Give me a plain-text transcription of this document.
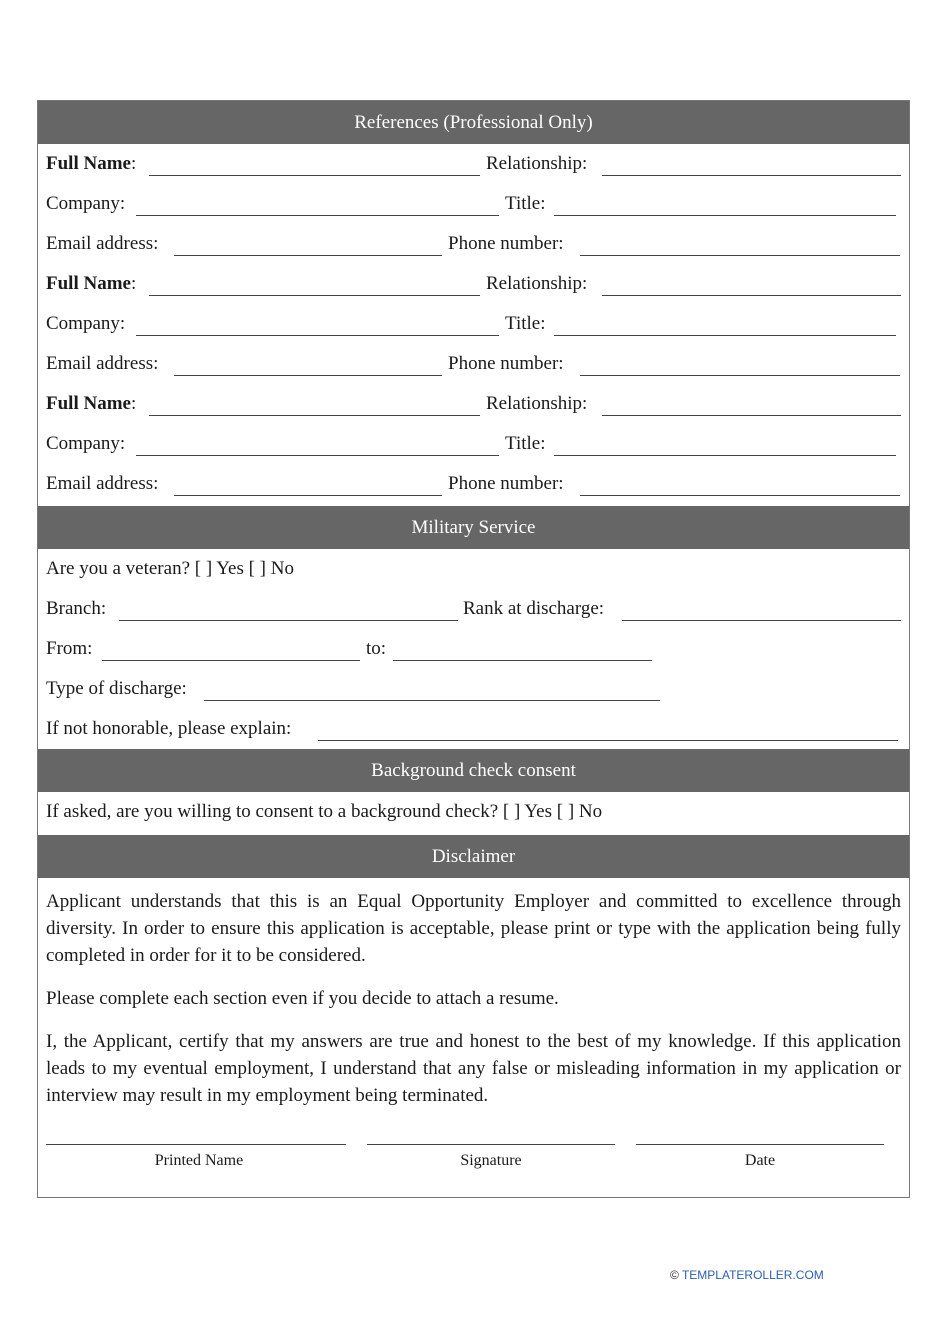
References (Professional Only)
Full Name:	Relationship:
Company:	Title:
Email address:	Phone number:
Full Name:	Relationship:
Company:	Title:
Email address:	Phone number:
Full Name:	Relationship:
Company:	Title:
Email address:	Phone number:
Military Service
Are you a veteran? [ ] Yes [ ] No
Branch:	Rank at discharge:
From:	to:
Type of discharge:
If not honorable, please explain:
Background check consent
If asked, are you willing to consent to a background check? [ ] Yes [ ] No
Disclaimer

Applicant understands that this is an Equal Opportunity Employer and committed to excellence through diversity. In order to ensure this application is acceptable, please print or type with the application being fully completed in order for it to be considered.

Please complete each section even if you decide to attach a resume.

I, the Applicant, certify that my answers are true and honest to the best of my knowledge. If this application leads to my eventual employment, I understand that any false or misleading information in my application or interview may result in my employment being terminated.

Printed Name	Signature	Date
© TEMPLATEROLLER.COM
